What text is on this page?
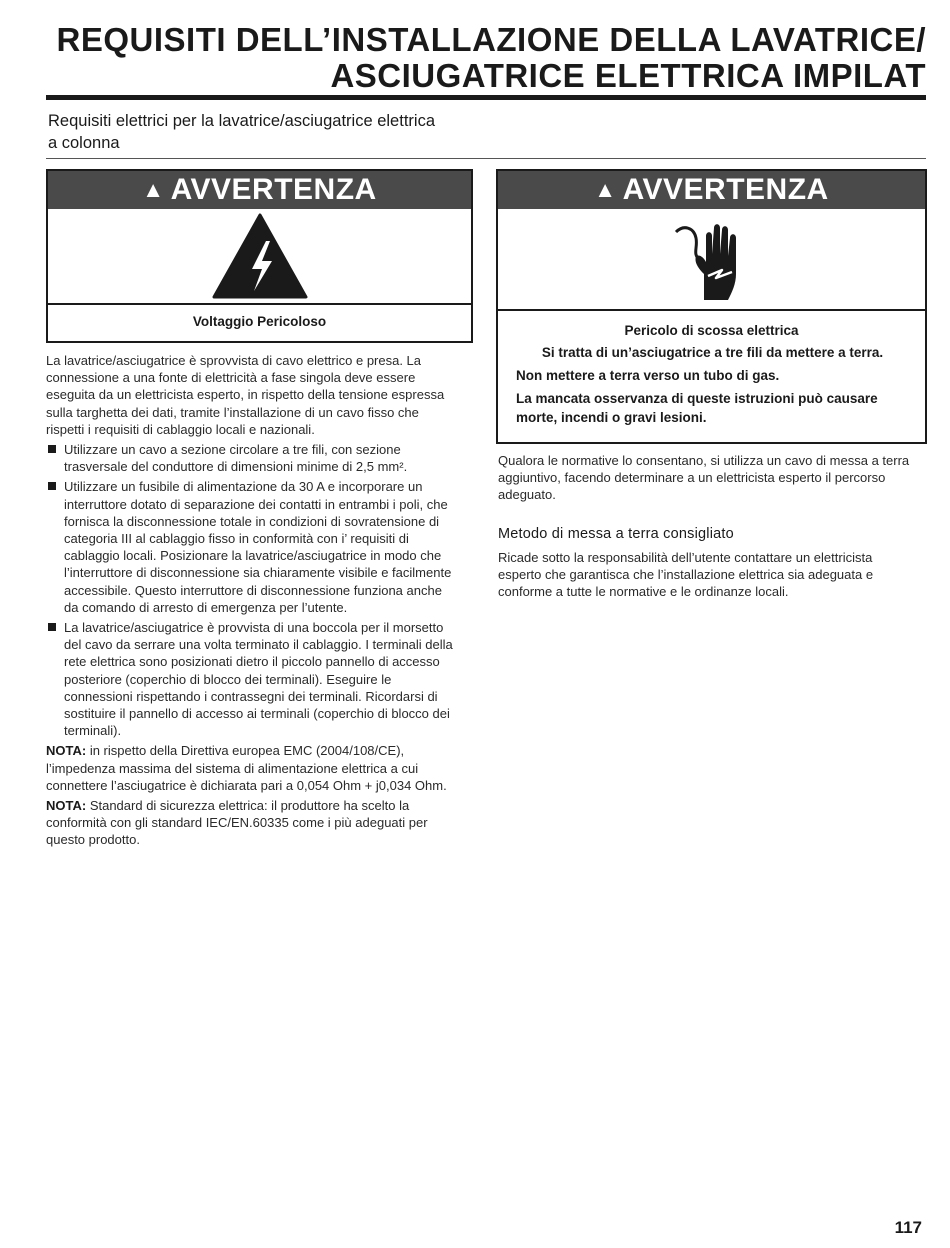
REQUISITI DELL’INSTALLAZIONE DELLA LAVATRICE/
ASCIUGATRICE ELETTRICA IMPILAT
Requisiti elettrici per la lavatrice/asciugatrice elettrica
a colonna
▲ AVVERTENZA
Voltaggio Pericoloso
▲ AVVERTENZA
Pericolo di scossa elettrica

Si tratta di un’asciugatrice a tre fili da mettere a terra.

Non mettere a terra verso un tubo di gas.

La mancata osservanza di queste istruzioni può causare morte, incendi o gravi lesioni.

La lavatrice/asciugatrice è sprovvista di cavo elettrico e presa. La connessione a una fonte di elettricità a fase singola deve essere eseguita da un elettricista esperto, in rispetto della tensione espressa sulla targhetta dei dati, tramite l’installazione di un cavo fisso che rispetti i requisiti di cablaggio locali e nazionali.

Utilizzare un cavo a sezione circolare a tre fili, con sezione trasversale del conduttore di dimensioni minime di 2,5 mm².
Utilizzare un fusibile di alimentazione da 30 A e incorporare un interruttore dotato di separazione dei contatti in entrambi i poli, che fornisca la disconnessione totale in condizioni di sovratensione di categoria III al cablaggio fisso in conformità con i’ requisiti di cablaggio locali. Posizionare la lavatrice/asciugatrice in modo che l’interruttore di disconnessione sia chiaramente visibile e facilmente accessibile. Questo interruttore di disconnessione funziona anche da comando di arresto di emergenza per l’utente.
La lavatrice/asciugatrice è provvista di una boccola per il morsetto del cavo da serrare una volta terminato il cablaggio. I terminali della rete elettrica sono posizionati dietro il piccolo pannello di accesso posteriore (coperchio di blocco dei terminali). Eseguire le connessioni rispettando i contrassegni dei terminali. Ricordarsi di sostituire il pannello di accesso ai terminali (coperchio di blocco dei terminali).

NOTA: in rispetto della Direttiva europea EMC (2004/108/CE), l’impedenza massima del sistema di alimentazione elettrica a cui connettere l’asciugatrice è dichiarata pari a 0,054 Ohm + j0,034 Ohm.

NOTA: Standard di sicurezza elettrica: il produttore ha scelto la conformità con gli standard IEC/EN.60335 come i più adeguati per questo prodotto.

Qualora le normative lo consentano, si utilizza un cavo di messa a terra aggiuntivo, facendo determinare a un elettricista esperto il percorso adeguato.

Metodo di messa a terra consigliato

Ricade sotto la responsabilità dell’utente contattare un elettricista esperto che garantisca che l’installazione elettrica sia adeguata e conforme a tutte le normative e le ordinanze locali.

117
